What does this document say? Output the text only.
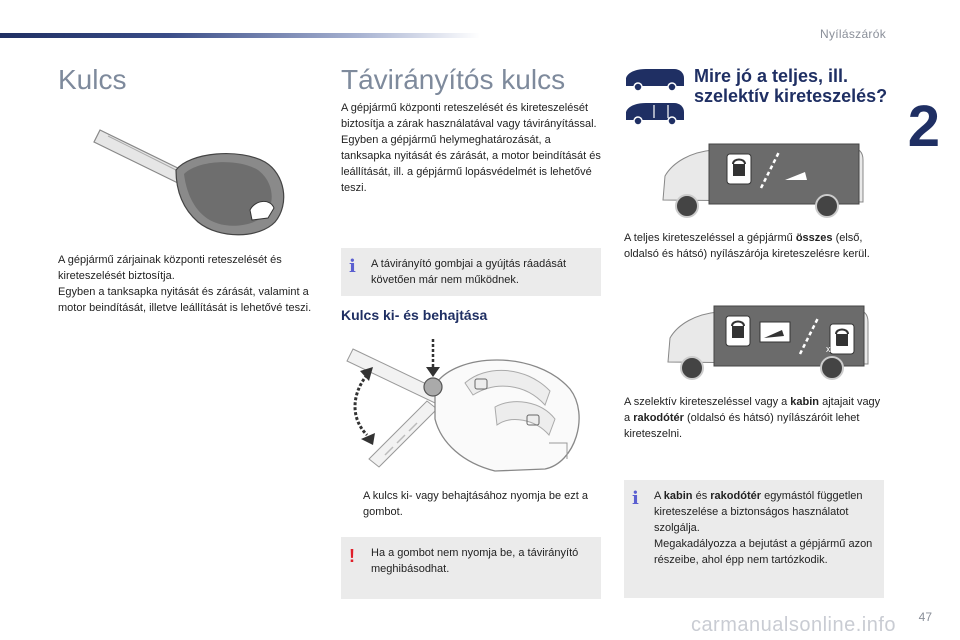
Nyílászárók
2
Kulcs

A gépjármű zárjainak központi reteszelését és kireteszelését biztosítja.

Egyben a tanksapka nyitását és zárását, valamint a motor beindítását, illetve leállítását is lehetővé teszi.

Távirányítós kulcs

A gépjármű központi reteszelését és kireteszelését biztosítja a zárak használatával vagy távirányítással.

Egyben a gépjármű helymeghatározását, a tanksapka nyitását és zárását, a motor beindítását és leállítását, ill. a gépjármű lopásvédelmét is lehetővé teszi.

i A távirányító gombjai a gyújtás ráadását követően már nem működnek.

Kulcs ki- és behajtása

A kulcs ki- vagy behajtásához nyomja be ezt a gombot.

! Ha a gombot nem nyomja be, a távirányító meghibásodhat.

Mire jó a teljes, ill. szelektív kireteszelés?

A teljes kireteszeléssel a gépjármű összes (első, oldalsó és hátsó) nyílászárója kireteszelésre kerül.

x 2

A szelektív kireteszeléssel vagy a kabin ajtajait vagy a rakodótér (oldalsó és hátsó) nyílászáróit lehet kireteszelni.

i A kabin és rakodótér egymástól független kireteszelése a biztonságos használatot szolgálja.

Megakadályozza a bejutást a gépjármű azon részeibe, ahol épp nem tartózkodik.

carmanualsonline.info 47
